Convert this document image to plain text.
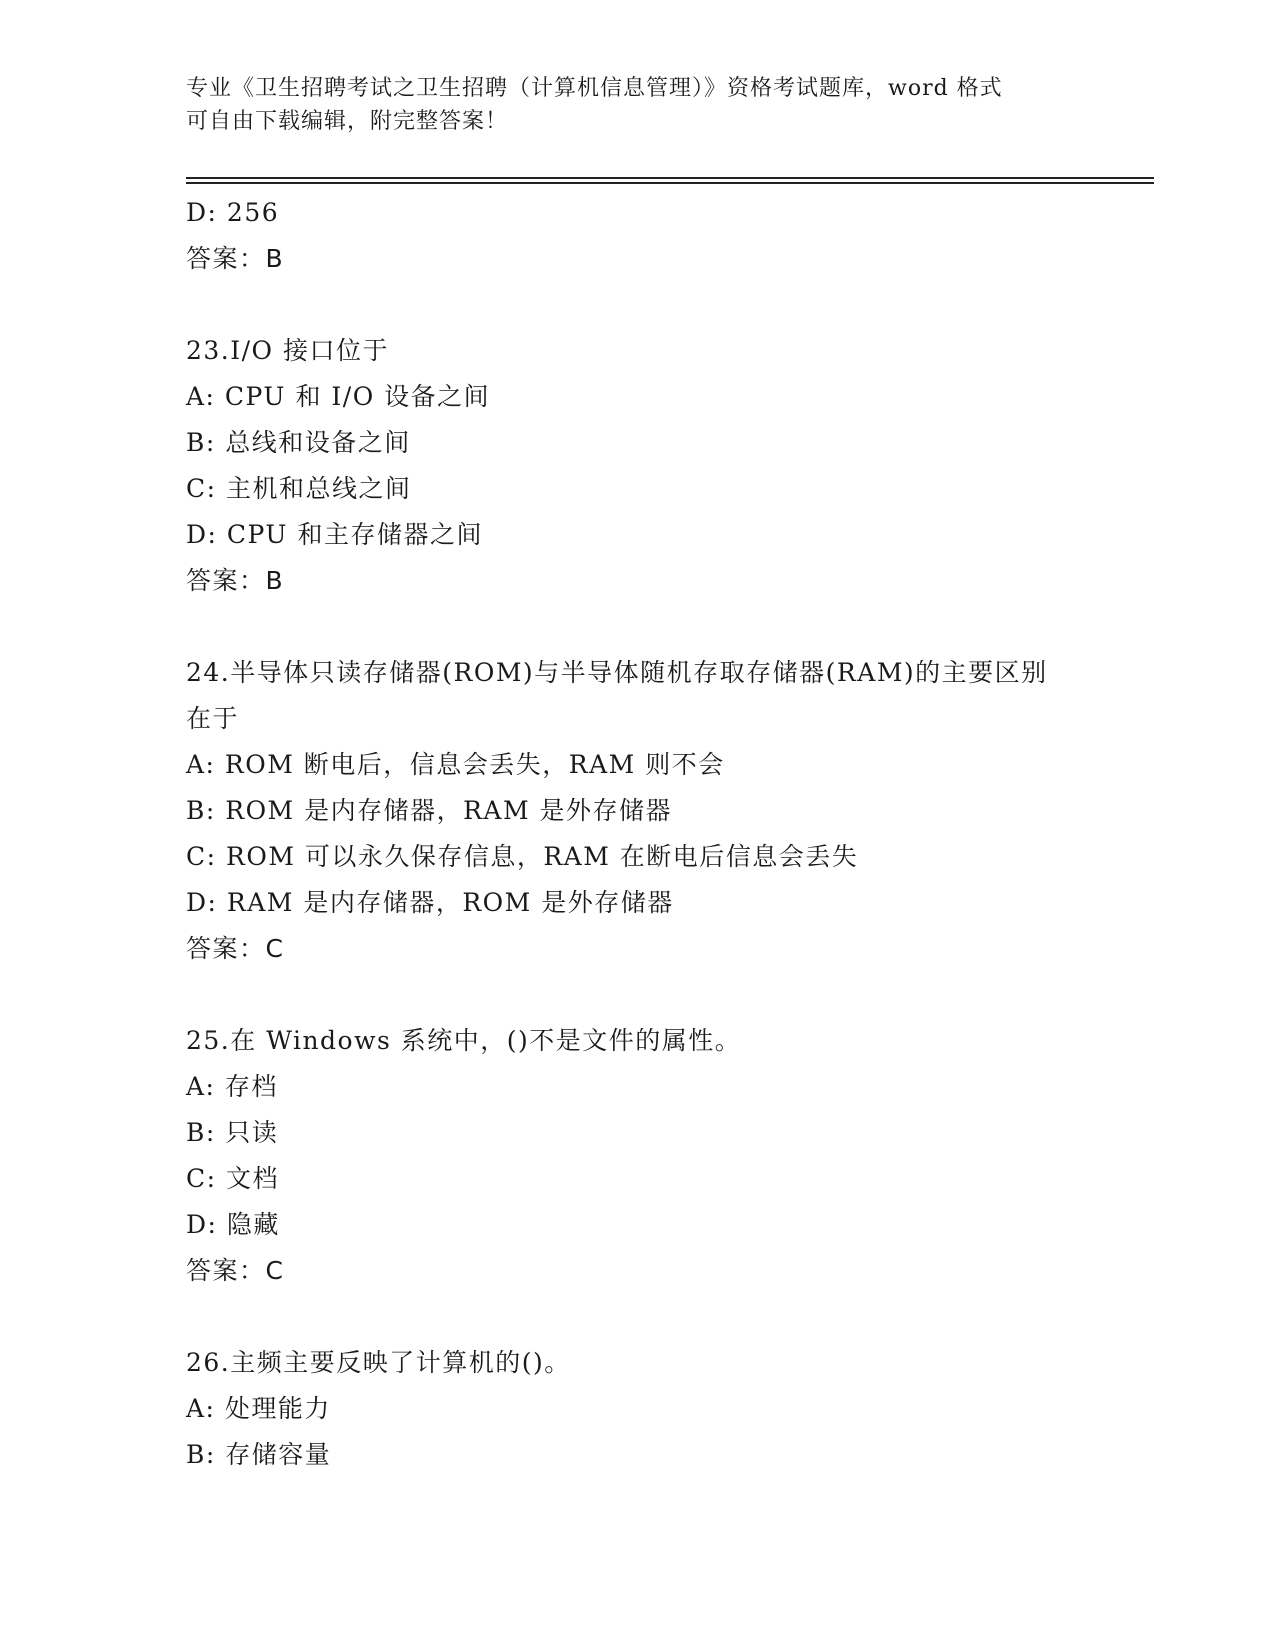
专业《卫生招聘考试之卫生招聘（计算机信息管理）》资格考试题库，word 格式
可自由下载编辑，附完整答案！
D: 256
答案：B
23.I/O 接口位于
A: CPU 和 I/O 设备之间
B: 总线和设备之间
C: 主机和总线之间
D: CPU 和主存储器之间
答案：B
24.半导体只读存储器(ROM)与半导体随机存取存储器(RAM)的主要区别
在于
A: ROM 断电后，信息会丢失，RAM 则不会
B: ROM 是内存储器，RAM 是外存储器
C: ROM 可以永久保存信息，RAM 在断电后信息会丢失
D: RAM 是内存储器，ROM 是外存储器
答案：C
25.在 Windows 系统中，()不是文件的属性。
A: 存档
B: 只读
C: 文档
D: 隐藏
答案：C
26.主频主要反映了计算机的()。
A: 处理能力
B: 存储容量
